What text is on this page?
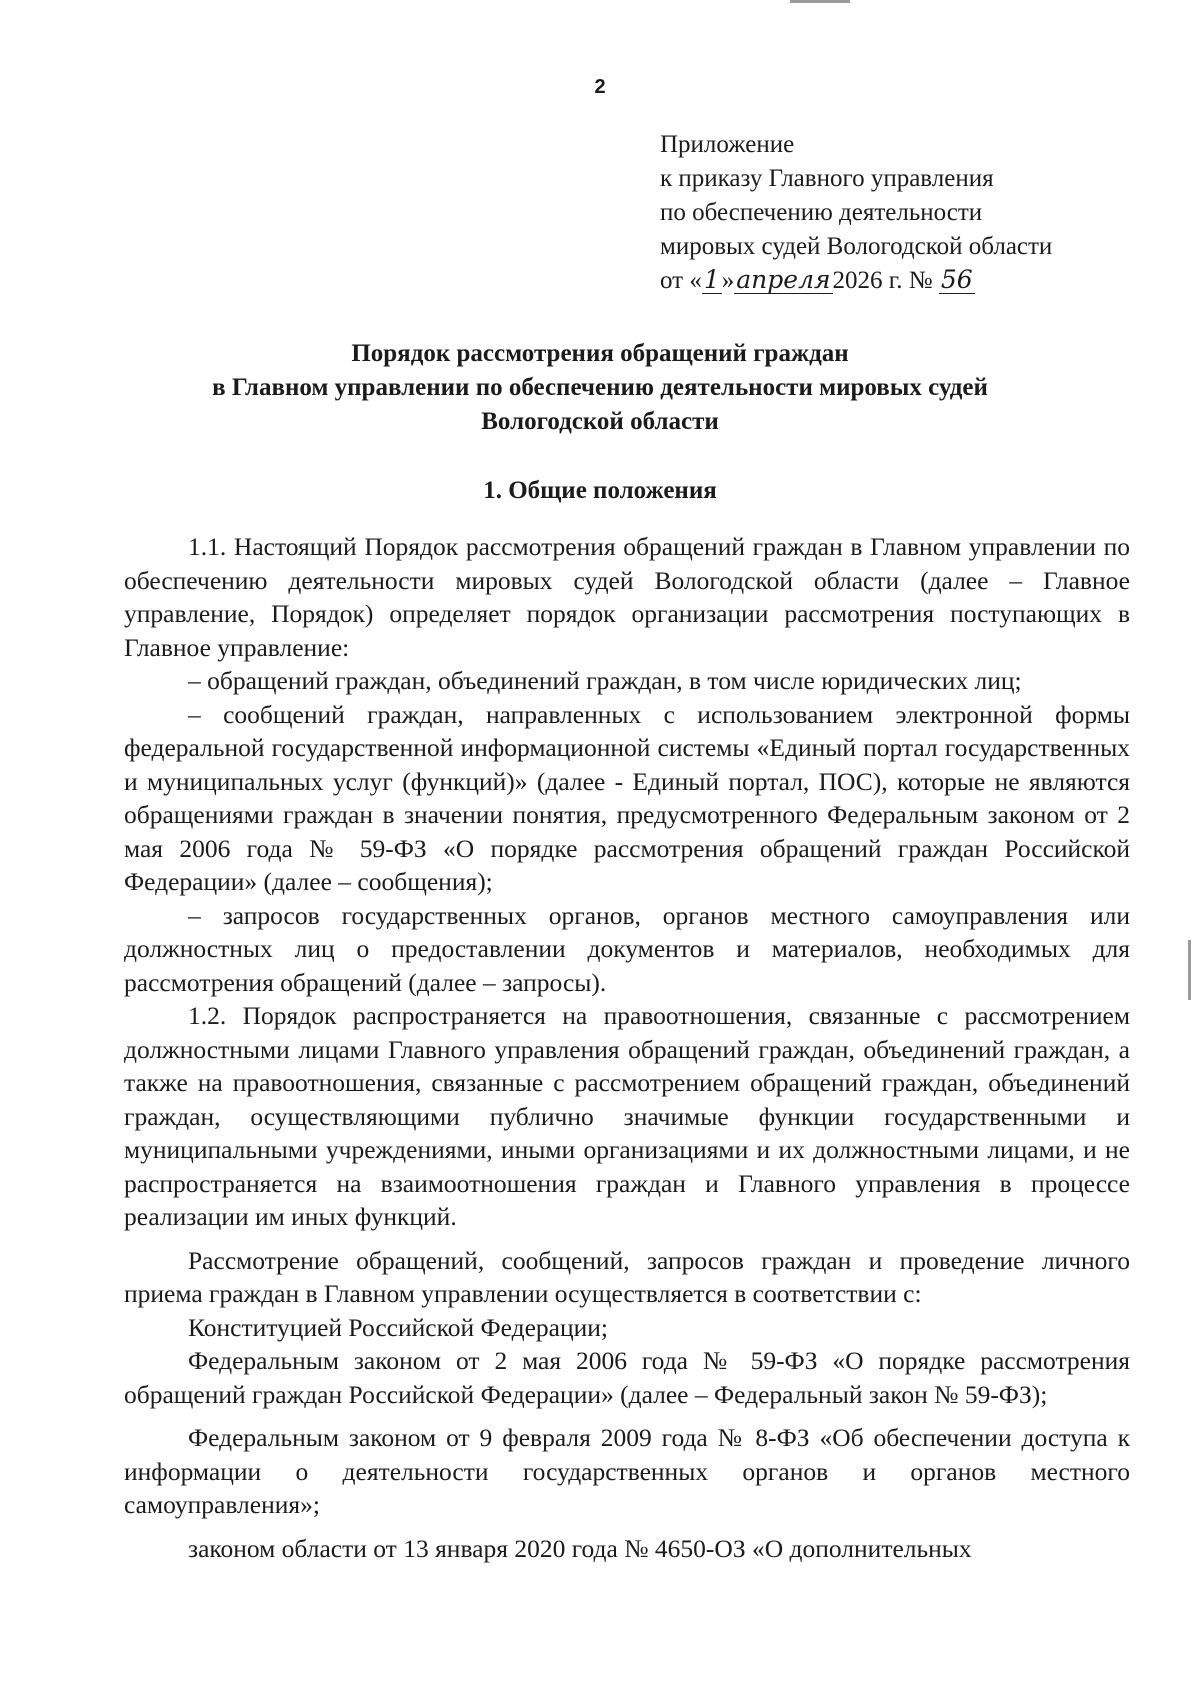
2
Приложение
к приказу Главного управления
по обеспечению деятельности
мировых судей Вологодской области
от «1»апреля2026 г. № 56
Порядок рассмотрения обращений граждан
в Главном управлении по обеспечению деятельности мировых судей
Вологодской области
1. Общие положения

1.1. Настоящий Порядок рассмотрения обращений граждан в Главном управлении по обеспечению деятельности мировых судей Вологодской области (далее – Главное управление, Порядок) определяет порядок организации рассмотрения поступающих в Главное управление:

– обращений граждан, объединений граждан, в том числе юридических лиц;

– сообщений граждан, направленных с использованием электронной формы федеральной государственной информационной системы «Единый портал государственных и муниципальных услуг (функций)» (далее - Единый портал, ПОС), которые не являются обращениями граждан в значении понятия, предусмотренного Федеральным законом от 2 мая 2006 года № 59-ФЗ «О порядке рассмотрения обращений граждан Российской Федерации» (далее – сообщения);

– запросов государственных органов, органов местного самоуправления или должностных лиц о предоставлении документов и материалов, необходимых для рассмотрения обращений (далее – запросы).

1.2. Порядок распространяется на правоотношения, связанные с рассмотрением должностными лицами Главного управления обращений граждан, объединений граждан, а также на правоотношения, связанные с рассмотрением обращений граждан, объединений граждан, осуществляющими публично значимые функции государственными и муниципальными учреждениями, иными организациями и их должностными лицами, и не распространяется на взаимоотношения граждан и Главного управления в процессе реализации им иных функций.

Рассмотрение обращений, сообщений, запросов граждан и проведение личного приема граждан в Главном управлении осуществляется в соответствии с:

Конституцией Российской Федерации;

Федеральным законом от 2 мая 2006 года № 59-ФЗ «О порядке рассмотрения обращений граждан Российской Федерации» (далее – Федеральный закон № 59-ФЗ);

Федеральным законом от 9 февраля 2009 года № 8-ФЗ «Об обеспечении доступа к информации о деятельности государственных органов и органов местного самоуправления»;

законом области от 13 января 2020 года № 4650-ОЗ «О дополнительных
